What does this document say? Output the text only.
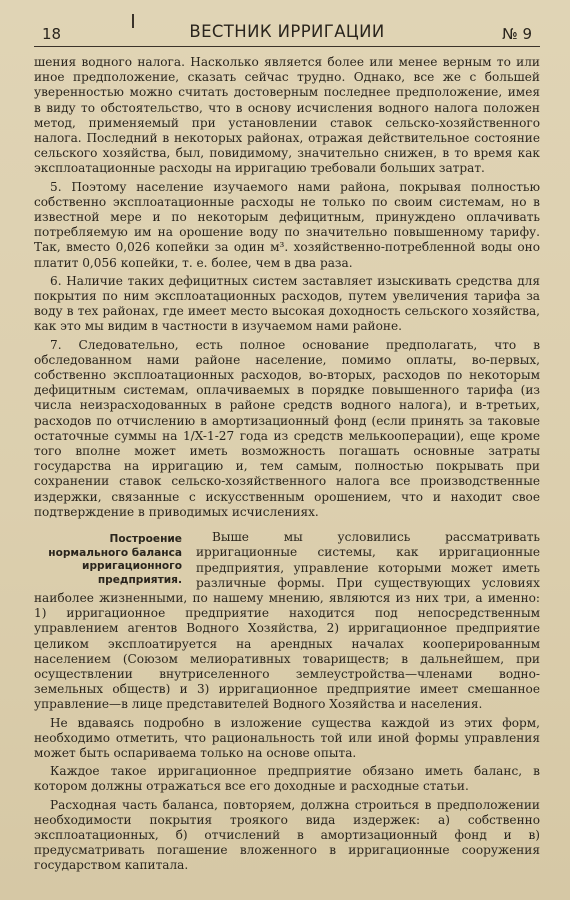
18	ВЕСТНИК ИРРИГАЦИИ	№ 9

шения водного налога. Насколько является более или менее верным то или иное предположение, сказать сейчас трудно. Однако, все же с большей уверенностью можно считать достоверным последнее предположение, имея в виду то обстоятельство, что в основу исчисления водного налога положен метод, применяемый при установлении ставок сельско-хозяйственного налога. Последний в некоторых районах, отражая действительное состояние сельского хозяйства, был, повидимому, значительно снижен, в то время как эксплоатационные расходы на ирригацию требовали больших затрат.

5. Поэтому население изучаемого нами района, покрывая полностью собственно эксплоатационные расходы не только по своим системам, но в известной мере и по некоторым дефицитным, принуждено оплачивать потребляемую им на орошение воду по значительно повышенному тарифу. Так, вместо 0,026 копейки за один м³. хозяйственно-потребленной воды оно платит 0,056 копейки, т. е. более, чем в два раза.

6. Наличие таких дефицитных систем заставляет изыскивать средства для покрытия по ним эксплоатационных расходов, путем увеличения тарифа за воду в тех районах, где имеет место высокая доходность сельского хозяйства, как это мы видим в частности в изучаемом нами районе.

7. Следовательно, есть полное основание предполагать, что в обследованном нами районе население, помимо оплаты, во-первых, собственно эксплоатационных расходов, во-вторых, расходов по некоторым дефицитным системам, оплачиваемых в порядке повышенного тарифа (из числа неизрасходованных в районе средств водного налога), и в-третьих, расходов по отчислению в амортизационный фонд (если принять за таковые остаточные суммы на 1/X-1-27 года из средств мелькооперации), еще кроме того вполне может иметь возможность погашать основные затраты государства на ирригацию и, тем самым, полностью покрывать при сохранении ставок сельско-хозяйственного налога все производственные издержки, связанные с искусственным орошением, что и находит свое подтверждение в приводимых исчислениях.

Построение нормального баланса ирригационного предприятия.

Выше мы условились рассматривать ирригационные системы, как ирригационные предприятия, управление которыми может иметь различные формы. При существующих условиях наиболее жизненными, по нашему мнению, являются из них три, а именно: 1) ирригационное предприятие находится под непосредственным управлением агентов Водного Хозяйства, 2) ирригационное предприятие целиком эксплоатируется на арендных началах кооперированным населением (Союзом мелиоративных товариществ; в дальнейшем, при осуществлении внутриселенного землеустройства—членами водно-земельных обществ) и 3) ирригационное предприятие имеет смешанное управление—в лице представителей Водного Хозяйства и населения.

Не вдаваясь подробно в изложение существа каждой из этих форм, необходимо отметить, что рациональность той или иной формы управления может быть оспариваема только на основе опыта.

Каждое такое ирригационное предприятие обязано иметь баланс, в котором должны отражаться все его доходные и расходные статьи.

Расходная часть баланса, повторяем, должна строиться в предположении необходимости покрытия троякого вида издержек: а) собственно эксплоатационных, б) отчислений в амортизационный фонд и в) предусматривать погашение вложенного в ирригационные сооружения государством капитала.
